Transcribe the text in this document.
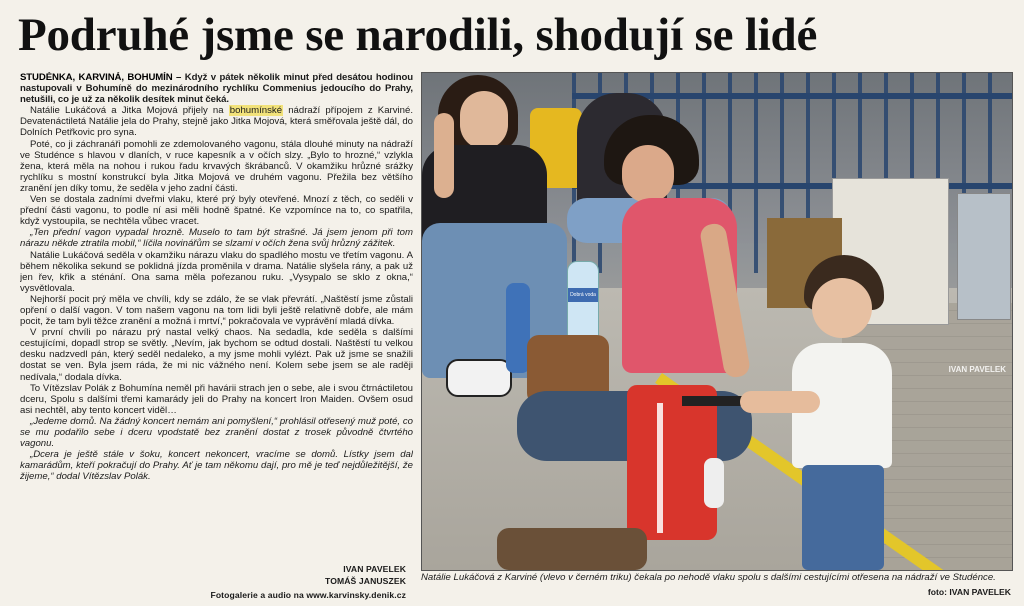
Podruhé jsme se narodili, shodují se lidé

STUDÉNKA, KARVINÁ, BOHUMÍN – Když v pátek několik minut před desátou hodinou nastupovali v Bohumíně do mezinárodního rychlíku Commenius jedoucího do Prahy, netušili, co je už za několik desítek minut čeká.

Natálie Lukáčová a Jitka Mojová přijely na bohumínské nádraží přípojem z Karviné. Devatenáctiletá Natálie jela do Prahy, stejně jako Jitka Mojová, která směřovala ještě dál, do Dolních Petřkovic pro syna.

Poté, co ji záchranáři pomohli ze zdemolovaného vagonu, stála dlouhé minuty na nádraží ve Studénce s hlavou v dlaních, v ruce kapesník a v očích slzy. „Bylo to hrozné,“ vzlykla žena, která měla na nohou i rukou řadu krvavých škrábanců. V okamžiku hrůzné srážky rychlíku s mostní konstrukcí byla Jitka Mojová ve druhém vagonu. Přežila bez většího zranění jen díky tomu, že seděla v jeho zadní části.

Ven se dostala zadními dveřmi vlaku, které prý byly otevřené. Mnozí z těch, co seděli v přední části vagonu, to podle ní asi měli hodně špatné. Ke vzpomínce na to, co spatřila, když vystoupila, se nechtěla vůbec vracet.

„Ten přední vagon vypadal hrozně. Muselo to tam být strašné. Já jsem jenom při tom nárazu někde ztratila mobil,“ líčila novinářům se slzami v očích žena svůj hrůzný zážitek.

Natálie Lukáčová seděla v okamžiku nárazu vlaku do spadlého mostu ve třetím vagonu. A během několika sekund se poklidná jízda proměnila v drama. Natálie slyšela rány, a pak už jen řev, křik a sténání. Ona sama měla pořezanou ruku. „Vysypalo se sklo z okna,“ vysvětlovala.

Nejhorší pocit prý měla ve chvíli, kdy se zdálo, že se vlak převrátí. „Naštěstí jsme zůstali opření o další vagon. V tom našem vagonu na tom lidi byli ještě relativně dobře, ale mám pocit, že tam byli těžce zranění a možná i mrtví,“ pokračovala ve vyprávění mladá dívka.

V první chvíli po nárazu prý nastal velký chaos. Na sedadla, kde seděla s dalšími cestujícími, dopadl strop se světly. „Nevím, jak bychom se odtud dostali. Naštěstí tu velkou desku nadzvedl pán, který seděl nedaleko, a my jsme mohli vylézt. Pak už jsme se snažili dostat se ven. Byla jsem ráda, že mi nic vážného není. Kolem sebe jsem se ale raději nedívala,“ dodala dívka.

To Vítězslav Polák z Bohumína neměl při havárii strach jen o sebe, ale i svou čtrnáctiletou dceru, Spolu s dalšími třemi kamarády jeli do Prahy na koncert Iron Maiden. Ovšem osud asi nechtěl, aby tento koncert viděl…

„Jedeme domů. Na žádný koncert nemám ani pomyšlení,“ prohlásil otřesený muž poté, co se mu podařilo sebe i dceru vpodstatě bez zranění dostat z trosek původně čtvrtého vagonu.

„Dcera je ještě stále v šoku, koncert nekoncert, vracíme se domů. Lístky jsem dal kamarádům, kteří pokračují do Prahy. Ať je tam někomu dají, pro mě je teď nejdůležitější, že žijeme,“ dodal Vítězslav Polák.

IVAN PAVELEK
TOMÁŠ JANUSZEK
Fotogalerie a audio na www.karvinsky.denik.cz
Dobrá voda
IVAN PAVELEK
Natálie Lukáčová z Karviné (vlevo v černém triku) čekala po nehodě vlaku spolu s dalšími cestujícími otřesena na nádraží ve Studénce.
foto: IVAN PAVELEK
